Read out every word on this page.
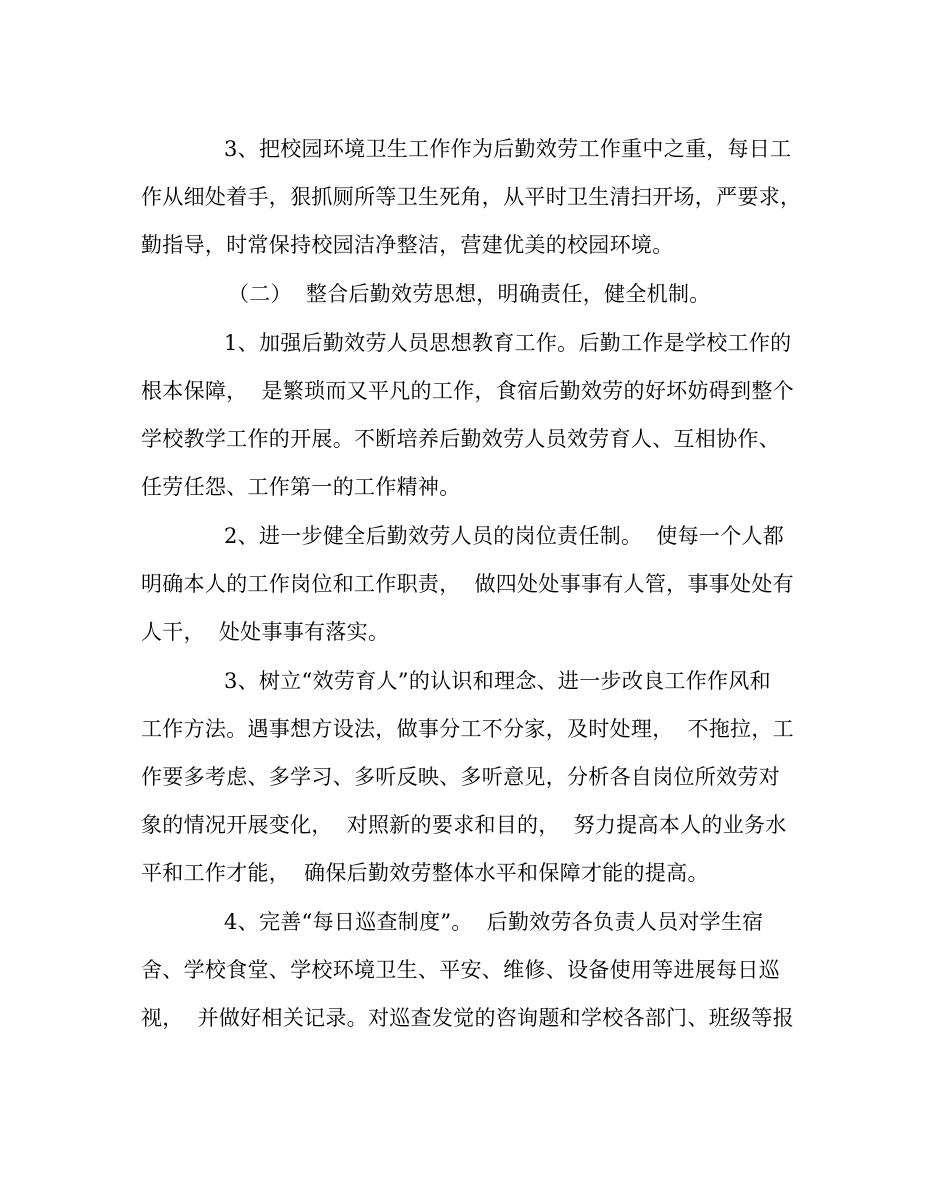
3、把校园环境卫生工作作为后勤效劳工作重中之重，每日工
作从细处着手，狠抓厕所等卫生死角，从平时卫生清扫开场，严要求，
勤指导，时常保持校园洁净整洁，营建优美的校园环境。
（二）  整合后勤效劳思想，明确责任，健全机制。
1、加强后勤效劳人员思想教育工作。后勤工作是学校工作的
根本保障，  是繁琐而又平凡的工作，食宿后勤效劳的好坏妨碍到整个
学校教学工作的开展。不断培养后勤效劳人员效劳育人、互相协作、
任劳任怨、工作第一的工作精神。
2、进一步健全后勤效劳人员的岗位责任制。  使每一个人都
明确本人的工作岗位和工作职责，  做四处处事事有人管，事事处处有
人干，  处处事事有落实。
3、树立“效劳育人”的认识和理念、进一步改良工作作风和
工作方法。遇事想方设法，做事分工不分家，及时处理，  不拖拉，工
作要多考虑、多学习、多听反映、多听意见，分析各自岗位所效劳对
象的情况开展变化，  对照新的要求和目的，  努力提高本人的业务水
平和工作才能，  确保后勤效劳整体水平和保障才能的提高。
4、完善“每日巡查制度”。  后勤效劳各负责人员对学生宿
舍、学校食堂、学校环境卫生、平安、维修、设备使用等进展每日巡
视，  并做好相关记录。对巡查发觉的咨询题和学校各部门、班级等报
